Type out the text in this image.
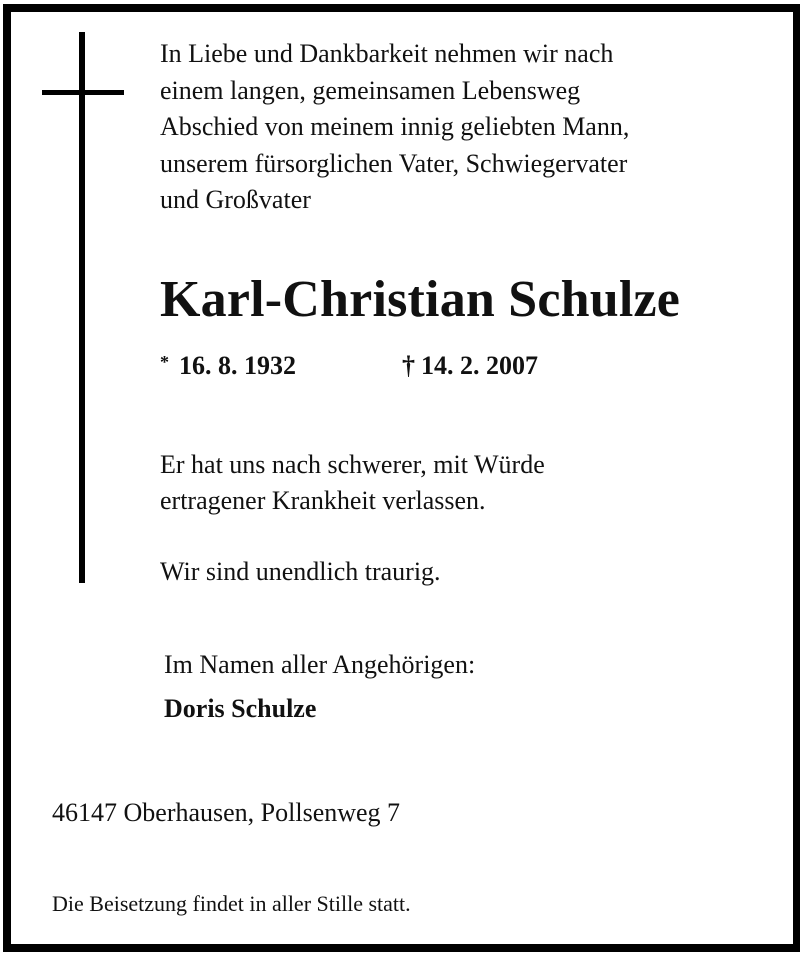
In Liebe und Dankbarkeit nehmen wir nach
einem langen, gemeinsamen Lebensweg
Abschied von meinem innig geliebten Mann,
unserem fürsorglichen Vater, Schwiegervater
und Großvater
Karl-Christian Schulze
* 16. 8. 1932	† 14. 2. 2007
Er hat uns nach schwerer, mit Würde
ertragener Krankheit verlassen.
Wir sind unendlich traurig.
Im Namen aller Angehörigen:
Doris Schulze
46147 Oberhausen, Pollsenweg 7
Die Beisetzung findet in aller Stille statt.
